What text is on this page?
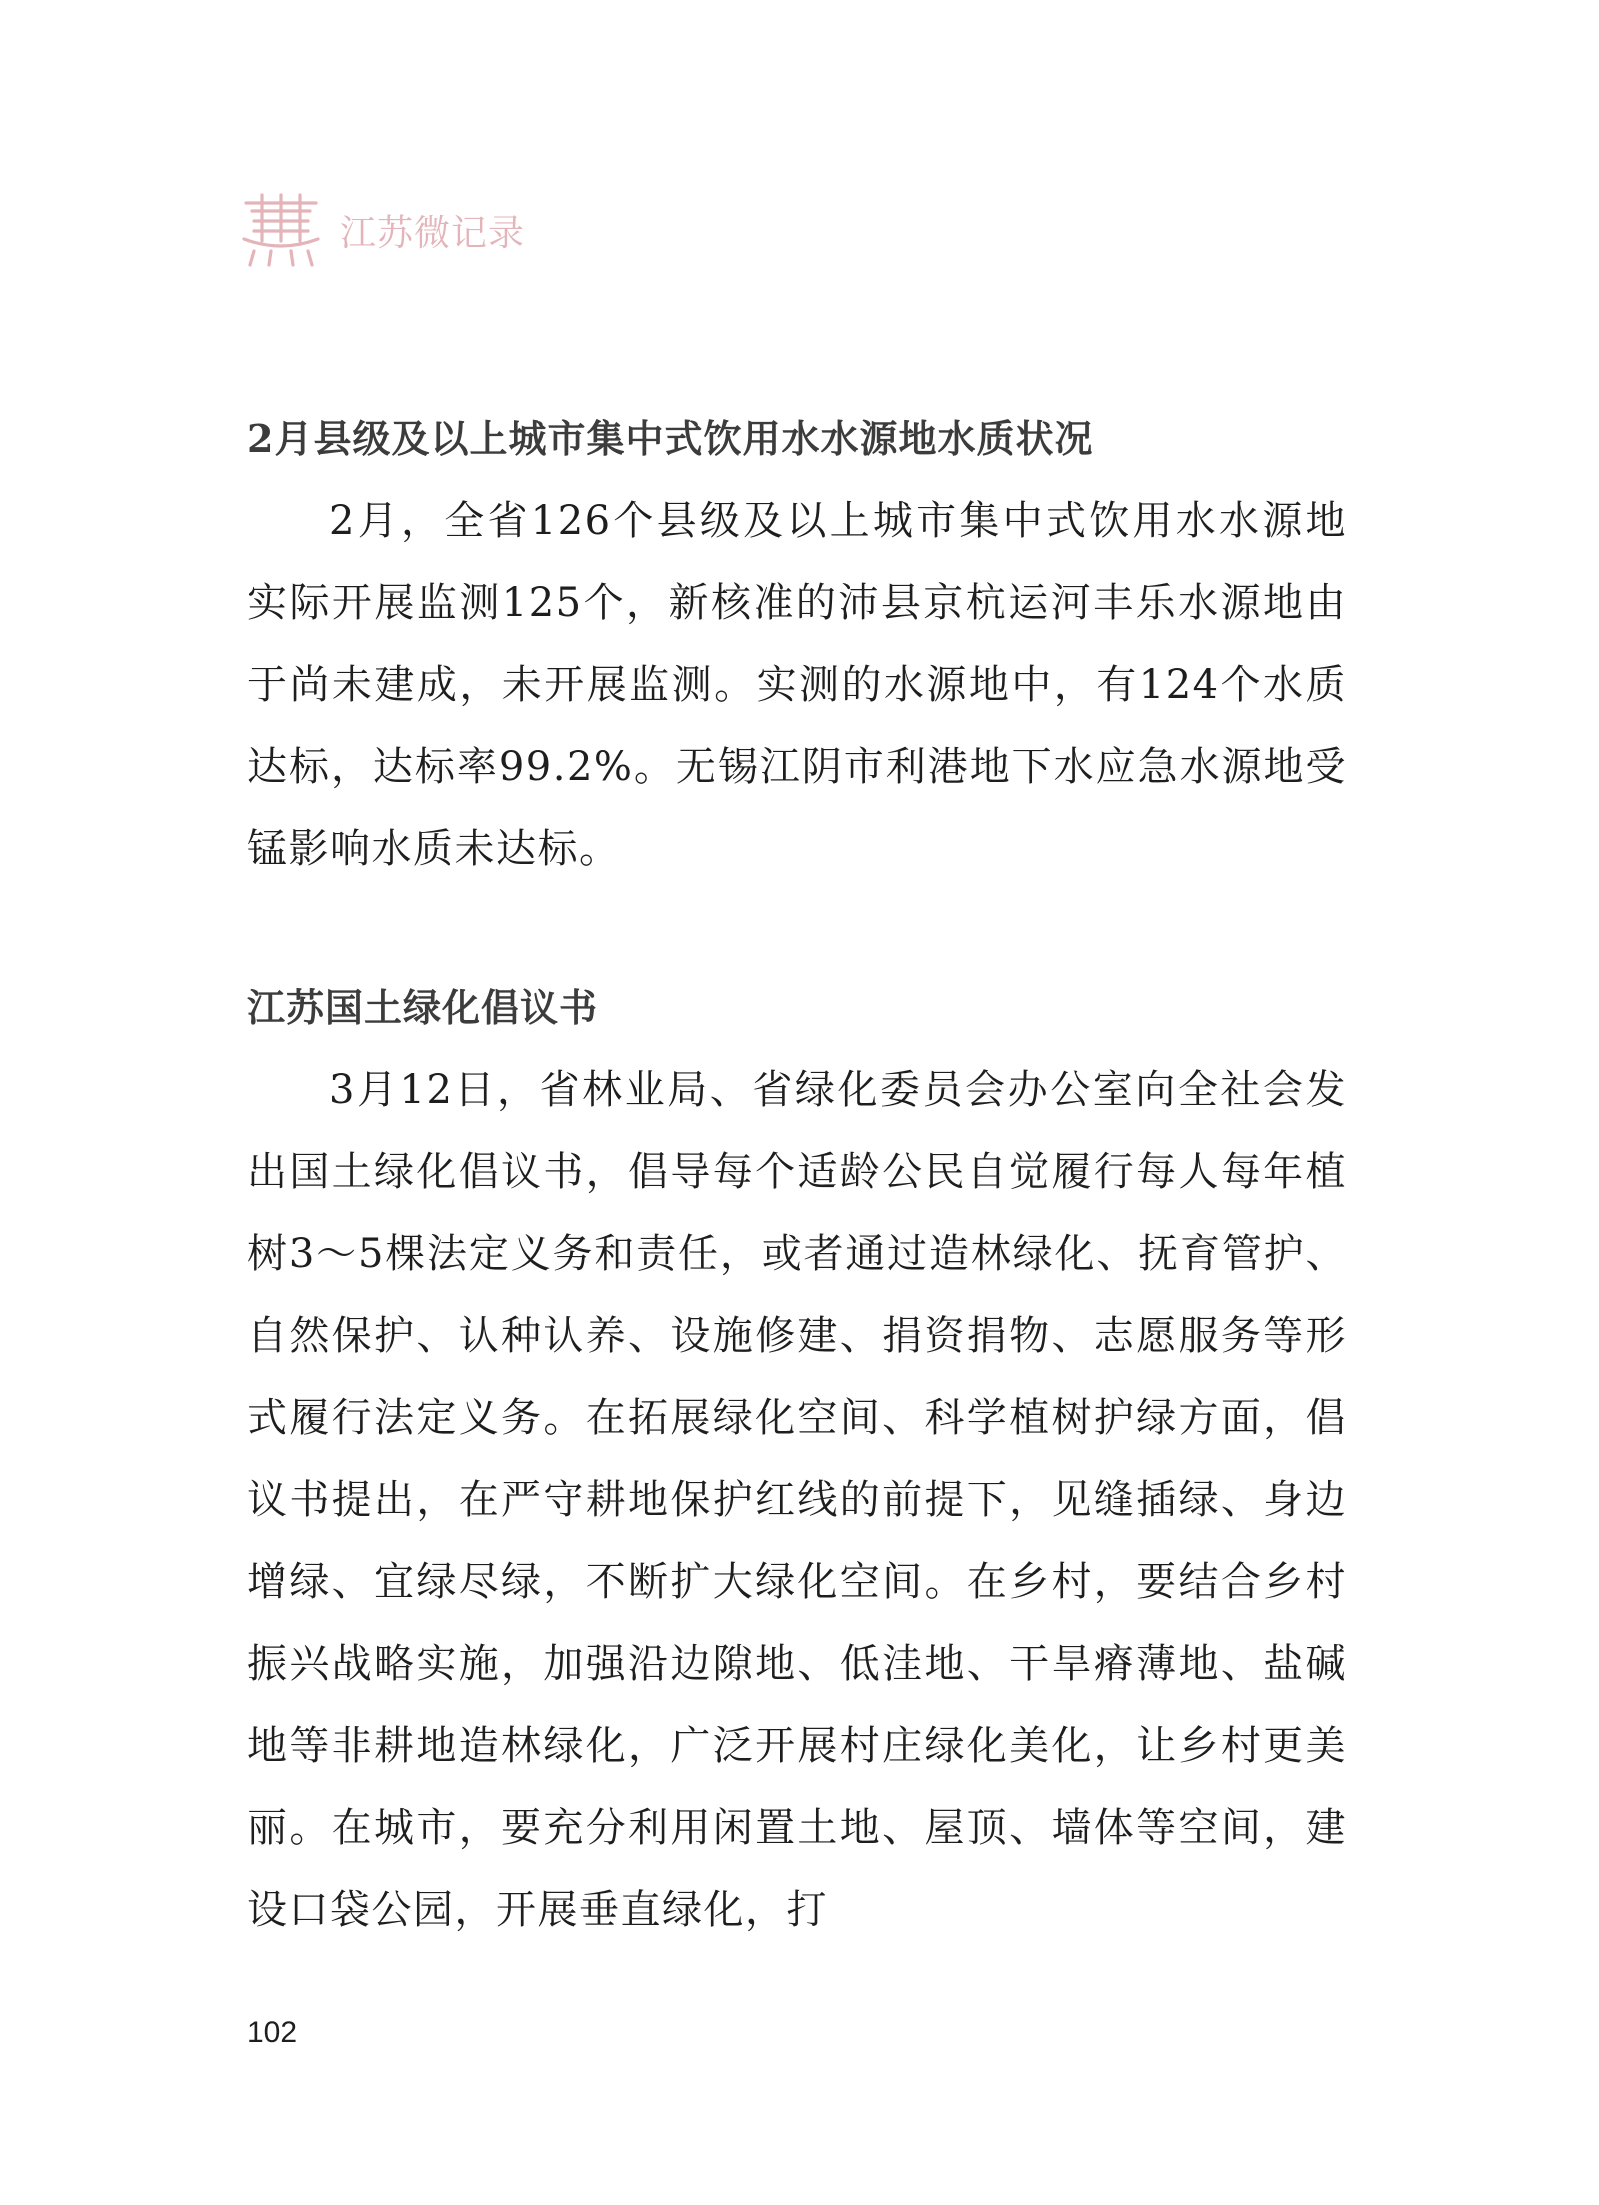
江苏微记录
2月县级及以上城市集中式饮用水水源地水质状况

2月，全省126个县级及以上城市集中式饮用水水源地实际开展监测125个，新核准的沛县京杭运河丰乐水源地由于尚未建成，未开展监测。实测的水源地中，有124个水质达标，达标率99.2%。无锡江阴市利港地下水应急水源地受锰影响水质未达标。

江苏国土绿化倡议书

3月12日，省林业局、省绿化委员会办公室向全社会发出国土绿化倡议书，倡导每个适龄公民自觉履行每人每年植树3～5棵法定义务和责任，或者通过造林绿化、抚育管护、自然保护、认种认养、设施修建、捐资捐物、志愿服务等形式履行法定义务。在拓展绿化空间、科学植树护绿方面，倡议书提出，在严守耕地保护红线的前提下，见缝插绿、身边增绿、宜绿尽绿，不断扩大绿化空间。在乡村，要结合乡村振兴战略实施，加强沿边隙地、低洼地、干旱瘠薄地、盐碱地等非耕地造林绿化，广泛开展村庄绿化美化，让乡村更美丽。在城市，要充分利用闲置土地、屋顶、墙体等空间，建设口袋公园，开展垂直绿化，打

102
